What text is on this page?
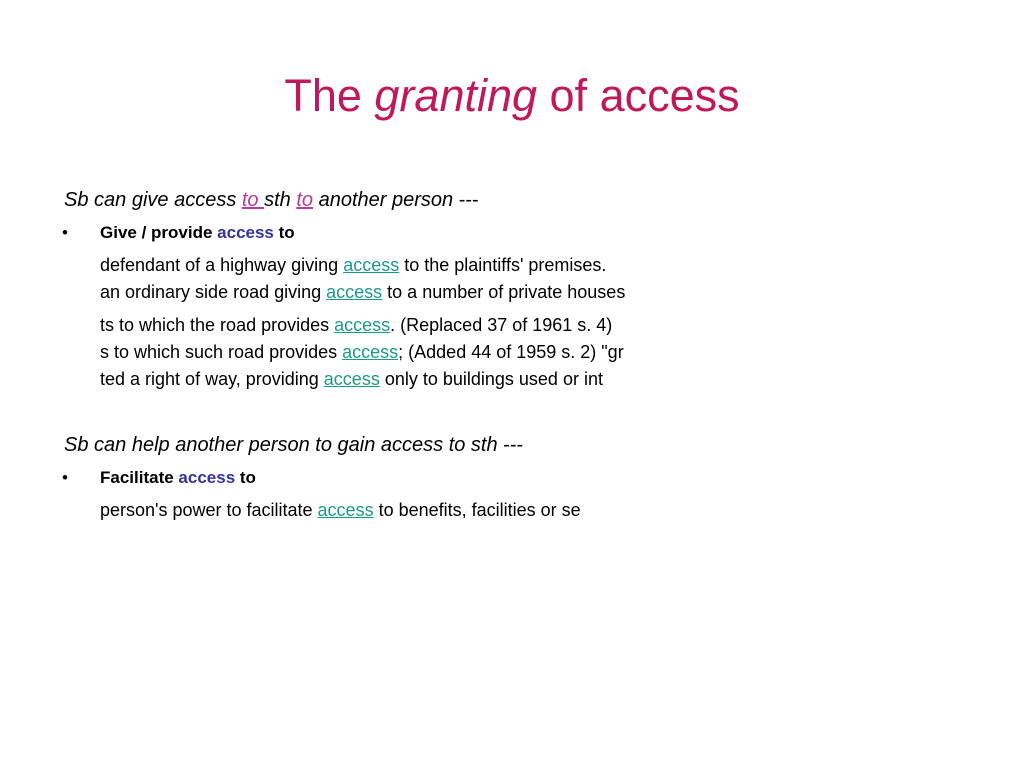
The granting of access
Sb can give access to sth to another person ---
• Give / provide access to
defendant of a highway giving access to the plaintiffs' premises.
an ordinary side road giving access to a number of private houses
ts to which the road provides access. (Replaced 37 of 1961 s. 4)
s to which such road provides access; (Added 44 of 1959 s. 2) "gr
ted a right of way, providing access only to buildings used or int
Sb can help another person to gain access to sth ---
• Facilitate access to
person's power to facilitate access to benefits, facilities or se
